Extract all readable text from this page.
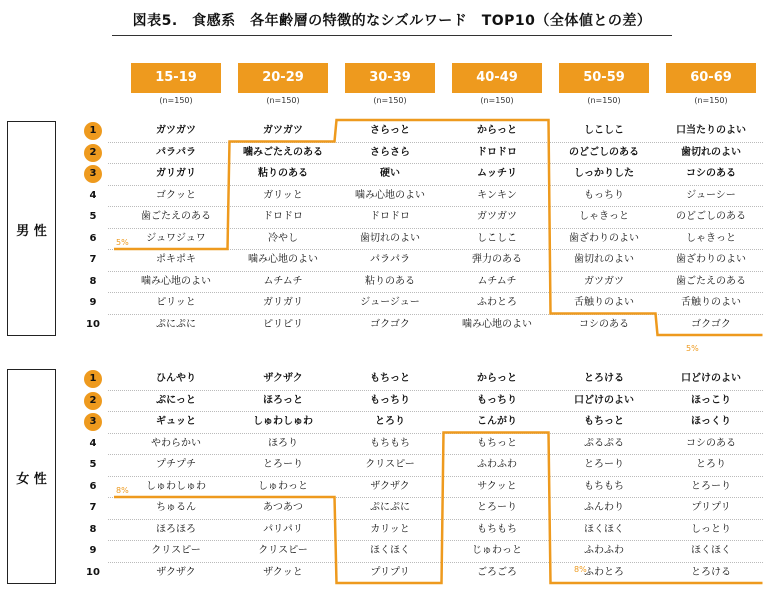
図表5.　食感系　各年齢層の特徴的なシズルワード　TOP10（全体値との差）
15-19
(n=150)
20-29
(n=150)
30-39
(n=150)
40-49
(n=150)
50-59
(n=150)
60-69
(n=150)
男 性
1	ガツガツ	ガツガツ	さらっと	からっと	しこしこ	口当たりのよい
2	パラパラ	噛みごたえのある	さらさら	ドロドロ	のどごしのある	歯切れのよい
3	ガリガリ	粘りのある	硬い	ムッチリ	しっかりした	コシのある
4	ゴクッと	ガリッと	噛み心地のよい	キンキン	もっちり	ジューシー
5	歯ごたえのある	ドロドロ	ドロドロ	ガツガツ	しゃきっと	のどごしのある
6	ジュワジュワ	冷やし	歯切れのよい	しこしこ	歯ざわりのよい	しゃきっと
7	ポキポキ	噛み心地のよい	パラパラ	弾力のある	歯切れのよい	歯ざわりのよい
8	噛み心地のよい	ムチムチ	粘りのある	ムチムチ	ガツガツ	歯ごたえのある
9	ピリッと	ガリガリ	ジュージュー	ふわとろ	舌触りのよい	舌触りのよい
10	ぷにぷに	ピリピリ	ゴクゴク	噛み心地のよい	コシのある	ゴクゴク
5%
女 性
1	ひんやり	ザクザク	もちっと	からっと	とろける	口どけのよい
2	ぷにっと	ほろっと	もっちり	もっちり	口どけのよい	ほっこり
3	ギュッと	しゅわしゅわ	とろり	こんがり	もちっと	ほっくり
4	やわらかい	ほろり	もちもち	もちっと	ぷるぷる	コシのある
5	プチプチ	とろーり	クリスピー	ふわふわ	とろーり	とろり
6	しゅわしゅわ	しゅわっと	ザクザク	サクッと	もちもち	とろーり
7	ちゅるん	あつあつ	ぷにぷに	とろーり	ふんわり	プリプリ
8	ほろほろ	パリパリ	カリッと	もちもち	ほくほく	しっとり
9	クリスピー	クリスピー	ほくほく	じゅわっと	ふわふわ	ほくほく
10	ザクザク	ザクッと	プリプリ	ごろごろ	ふわとろ	とろける
8%
5%
8%
